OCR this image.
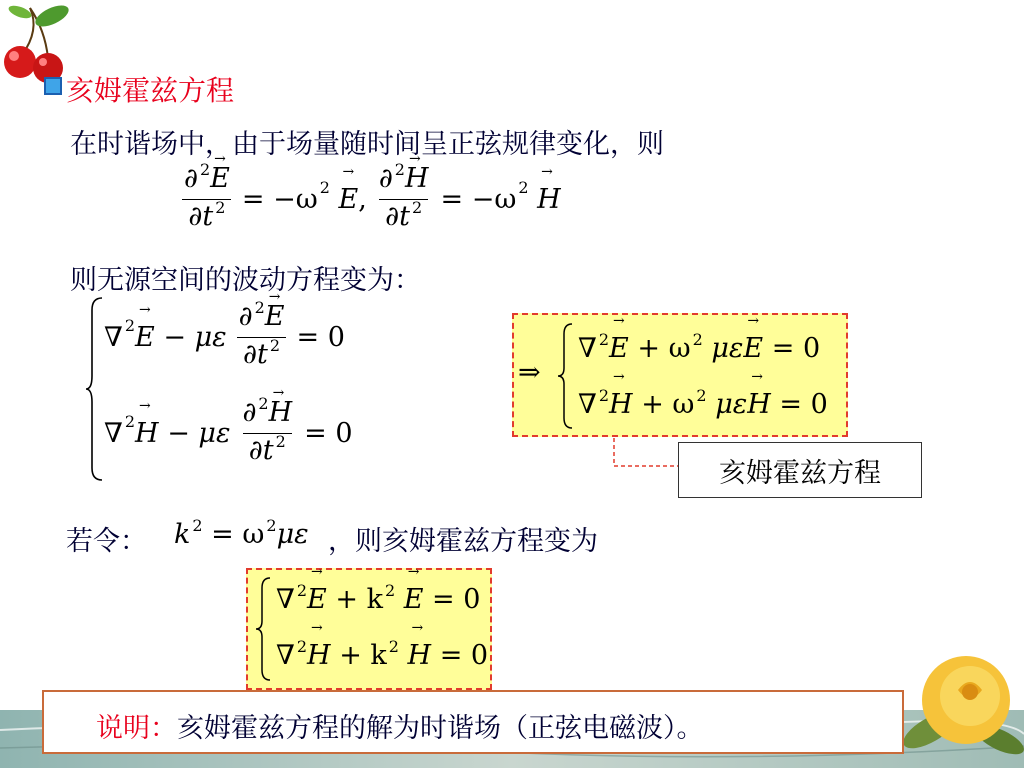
亥姆霍兹方程
在时谐场中，由于场量随时间呈正弦规律变化，则
$\frac{\partial ^2\to E}{\partial t ^2} = -\omega$ 2
→ E , $\frac{\partial ^2\to H}{\partial t ^2} = -\omega$ 2
→ H
则无源空间的波动方程变为：
∇ 2 → E
− με $\frac{\partial ^2\to E}{\partial t ^2} = 0$
∇ 2 → H
− με $\frac{\partial ^2\to H}{\partial t ^2} = 0$
⇒
∇ $^2$→ E + ω $^2$ με→ E = 0
∇ $^2$→ H + ω $^2$ με→ H = 0
亥姆霍兹方程
若令： k $^2$ = ω $^2$με ，则亥姆霍兹方程变为
∇ $^2$→ E + k $^2$ → E = 0
∇ $^2$→ H + k $^2$ → H = 0
说明：亥姆霍兹方程的解为时谐场（正弦电磁波）。
